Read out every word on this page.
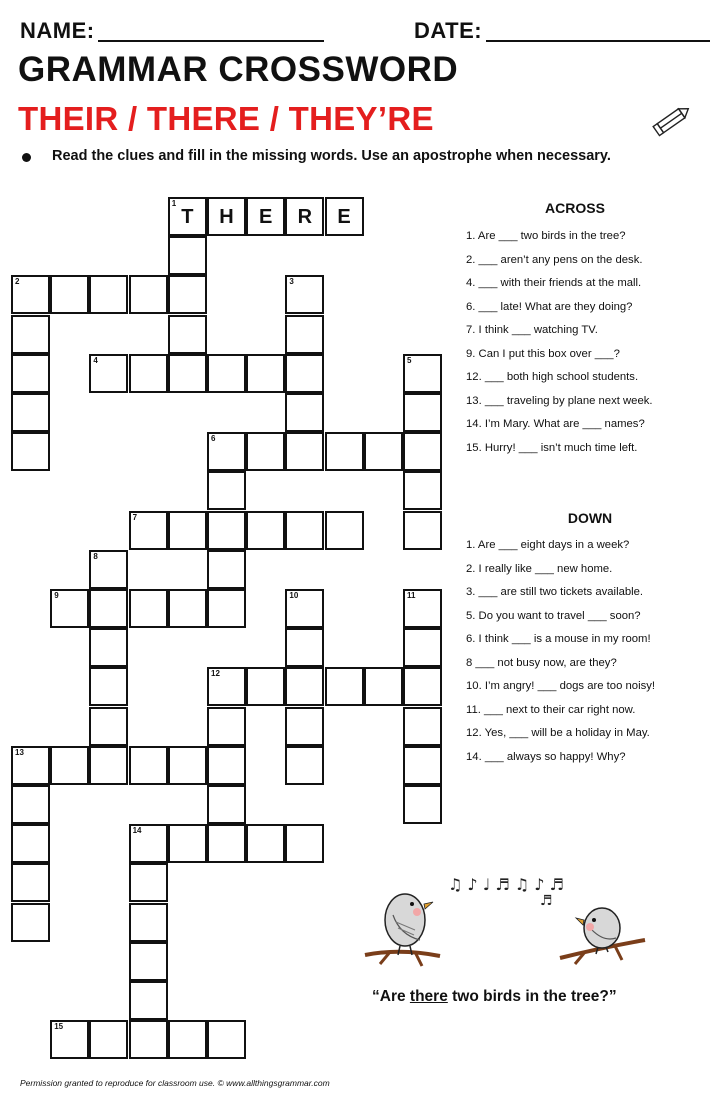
NAME:	DATE:
GRAMMAR CROSSWORD
THEIR / THERE / THEY’RE
Read the clues and fill in the missing words. Use an apostrophe when necessary.
1
T	H	E	R	E
2	3
4	5
6
7
8
9	10	11
12
13
14
15
ACROSS
1. Are ___ two birds in the tree?
2. ___ aren’t any pens on the desk.
4. ___ with their friends at the mall.
6. ___ late! What are they doing?
7. I think ___ watching TV.
9. Can I put this box over ___?
12. ___ both high school students.
13. ___ traveling by plane next week.
14. I’m Mary. What are ___ names?
15. Hurry! ___ isn’t much time left.
DOWN
1. Are ___ eight days in a week?
2. I really like ___ new home.
3. ___ are still two tickets available.
5. Do you want to travel ___ soon?
6. I think ___ is a mouse in my room!
8 ___ not busy now, are they?
10. I’m angry! ___ dogs are too noisy!
11. ___ next to their car right now.
12. Yes, ___ will be a holiday in May.
14. ___ always so happy! Why?
♫ ♪ ♩ ♬ ♫ ♪ ♬
♬
“Are there two birds in the tree?”
Permission granted to reproduce for classroom use. © www.allthingsgrammar.com
